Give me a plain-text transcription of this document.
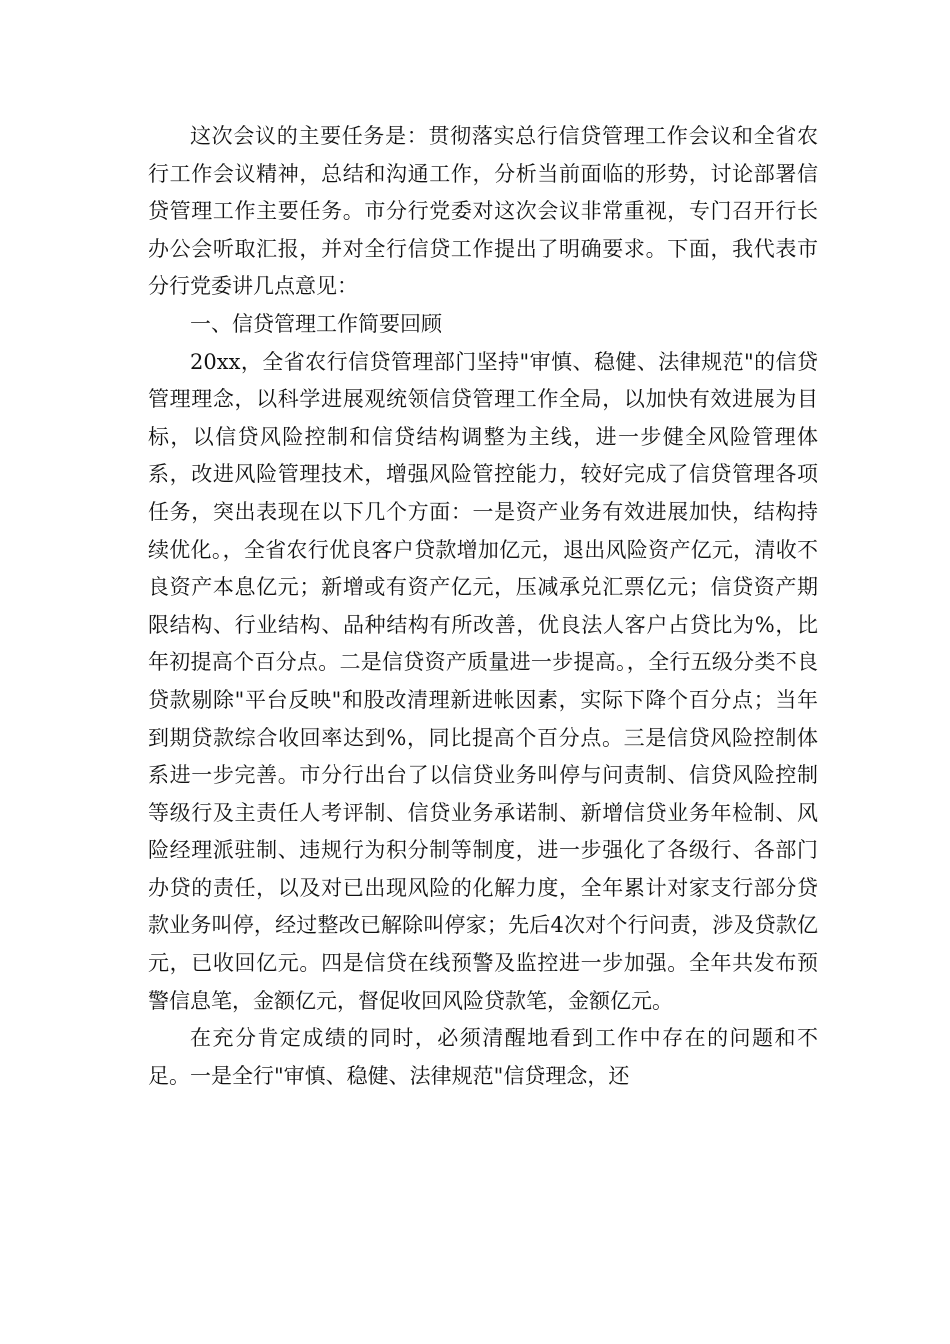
这次会议的主要任务是：贯彻落实总行信贷管理工作会议和全省农行工作会议精神，总结和沟通工作，分析当前面临的形势，讨论部署信贷管理工作主要任务。市分行党委对这次会议非常重视，专门召开行长办公会听取汇报，并对全行信贷工作提出了明确要求。下面，我代表市分行党委讲几点意见：

一、信贷管理工作简要回顾

20xx，全省农行信贷管理部门坚持"审慎、稳健、法律规范"的信贷管理理念，以科学进展观统领信贷管理工作全局，以加快有效进展为目标，以信贷风险控制和信贷结构调整为主线，进一步健全风险管理体系，改进风险管理技术，增强风险管控能力，较好完成了信贷管理各项任务，突出表现在以下几个方面：一是资产业务有效进展加快，结构持续优化。，全省农行优良客户贷款增加亿元，退出风险资产亿元，清收不良资产本息亿元；新增或有资产亿元，压减承兑汇票亿元；信贷资产期限结构、行业结构、品种结构有所改善，优良法人客户占贷比为%，比年初提高个百分点。二是信贷资产质量进一步提高。，全行五级分类不良贷款剔除"平台反映"和股改清理新进帐因素，实际下降个百分点；当年到期贷款综合收回率达到%，同比提高个百分点。三是信贷风险控制体系进一步完善。市分行出台了以信贷业务叫停与问责制、信贷风险控制等级行及主责任人考评制、信贷业务承诺制、新增信贷业务年检制、风险经理派驻制、违规行为积分制等制度，进一步强化了各级行、各部门办贷的责任，以及对已出现风险的化解力度，全年累计对家支行部分贷款业务叫停，经过整改已解除叫停家；先后4次对个行问责，涉及贷款亿元，已收回亿元。四是信贷在线预警及监控进一步加强。全年共发布预警信息笔，金额亿元，督促收回风险贷款笔，金额亿元。

在充分肯定成绩的同时，必须清醒地看到工作中存在的问题和不足。一是全行"审慎、稳健、法律规范"信贷理念，还
